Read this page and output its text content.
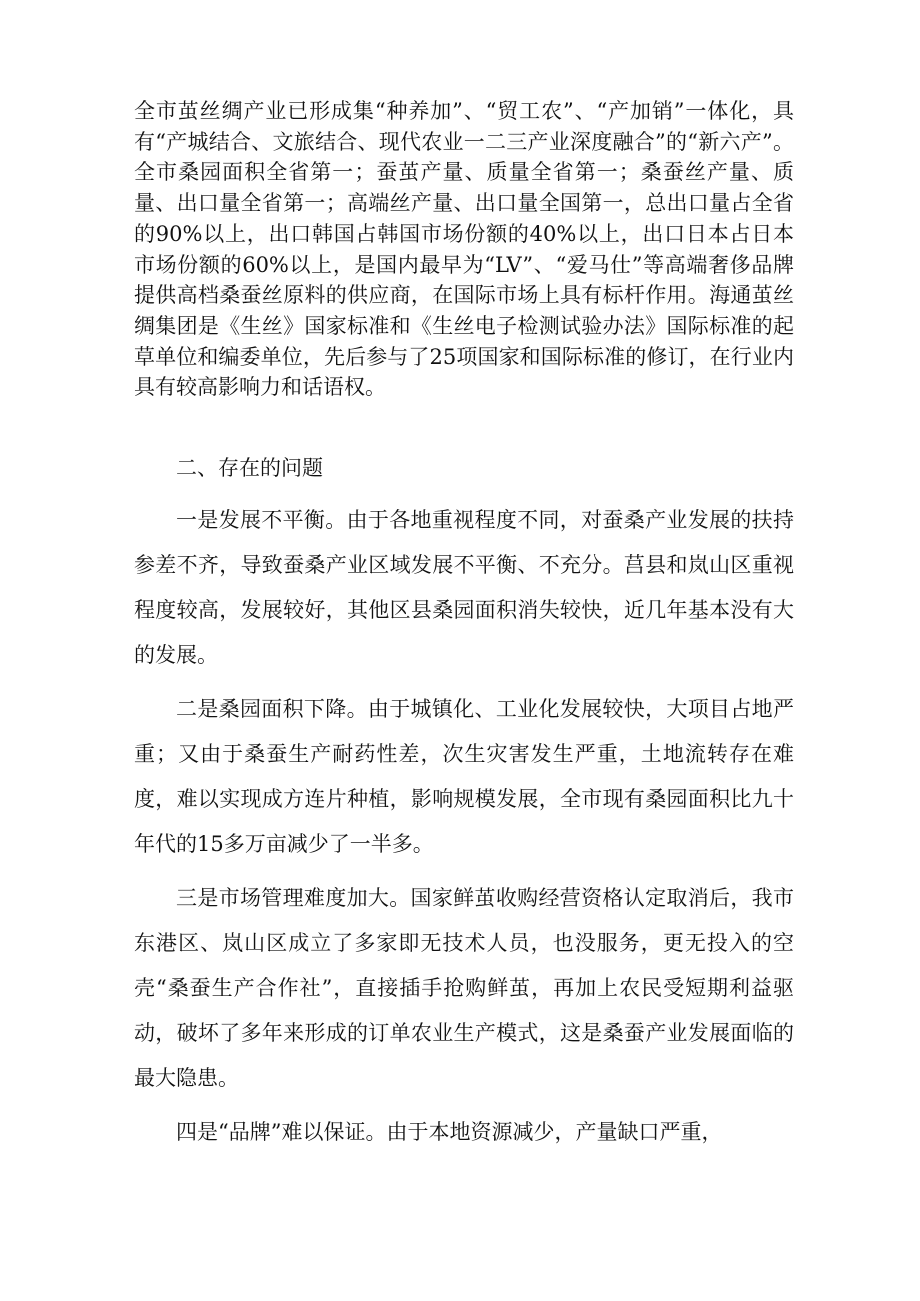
全市茧丝绸产业已形成集“种养加”、“贸工农”、“产加销”一体化，具有“产城结合、文旅结合、现代农业一二三产业深度融合”的“新六产”。全市桑园面积全省第一；蚕茧产量、质量全省第一；桑蚕丝产量、质量、出口量全省第一；高端丝产量、出口量全国第一，总出口量占全省的90%以上，出口韩国占韩国市场份额的40%以上，出口日本占日本市场份额的60%以上，是国内最早为“LV”、“爱马仕”等高端奢侈品牌提供高档桑蚕丝原料的供应商，在国际市场上具有标杆作用。海通茧丝绸集团是《生丝》国家标准和《生丝电子检测试验办法》国际标准的起草单位和编委单位，先后参与了25项国家和国际标准的修订，在行业内具有较高影响力和话语权。

二、存在的问题

一是发展不平衡。由于各地重视程度不同，对蚕桑产业发展的扶持参差不齐，导致蚕桑产业区域发展不平衡、不充分。莒县和岚山区重视程度较高，发展较好，其他区县桑园面积消失较快，近几年基本没有大的发展。

二是桑园面积下降。由于城镇化、工业化发展较快，大项目占地严重；又由于桑蚕生产耐药性差，次生灾害发生严重，土地流转存在难度，难以实现成方连片种植，影响规模发展，全市现有桑园面积比九十年代的15多万亩减少了一半多。

三是市场管理难度加大。国家鲜茧收购经营资格认定取消后，我市东港区、岚山区成立了多家即无技术人员，也没服务，更无投入的空壳“桑蚕生产合作社”，直接插手抢购鲜茧，再加上农民受短期利益驱动，破坏了多年来形成的订单农业生产模式，这是桑蚕产业发展面临的最大隐患。

四是“品牌”难以保证。由于本地资源减少，产量缺口严重，
